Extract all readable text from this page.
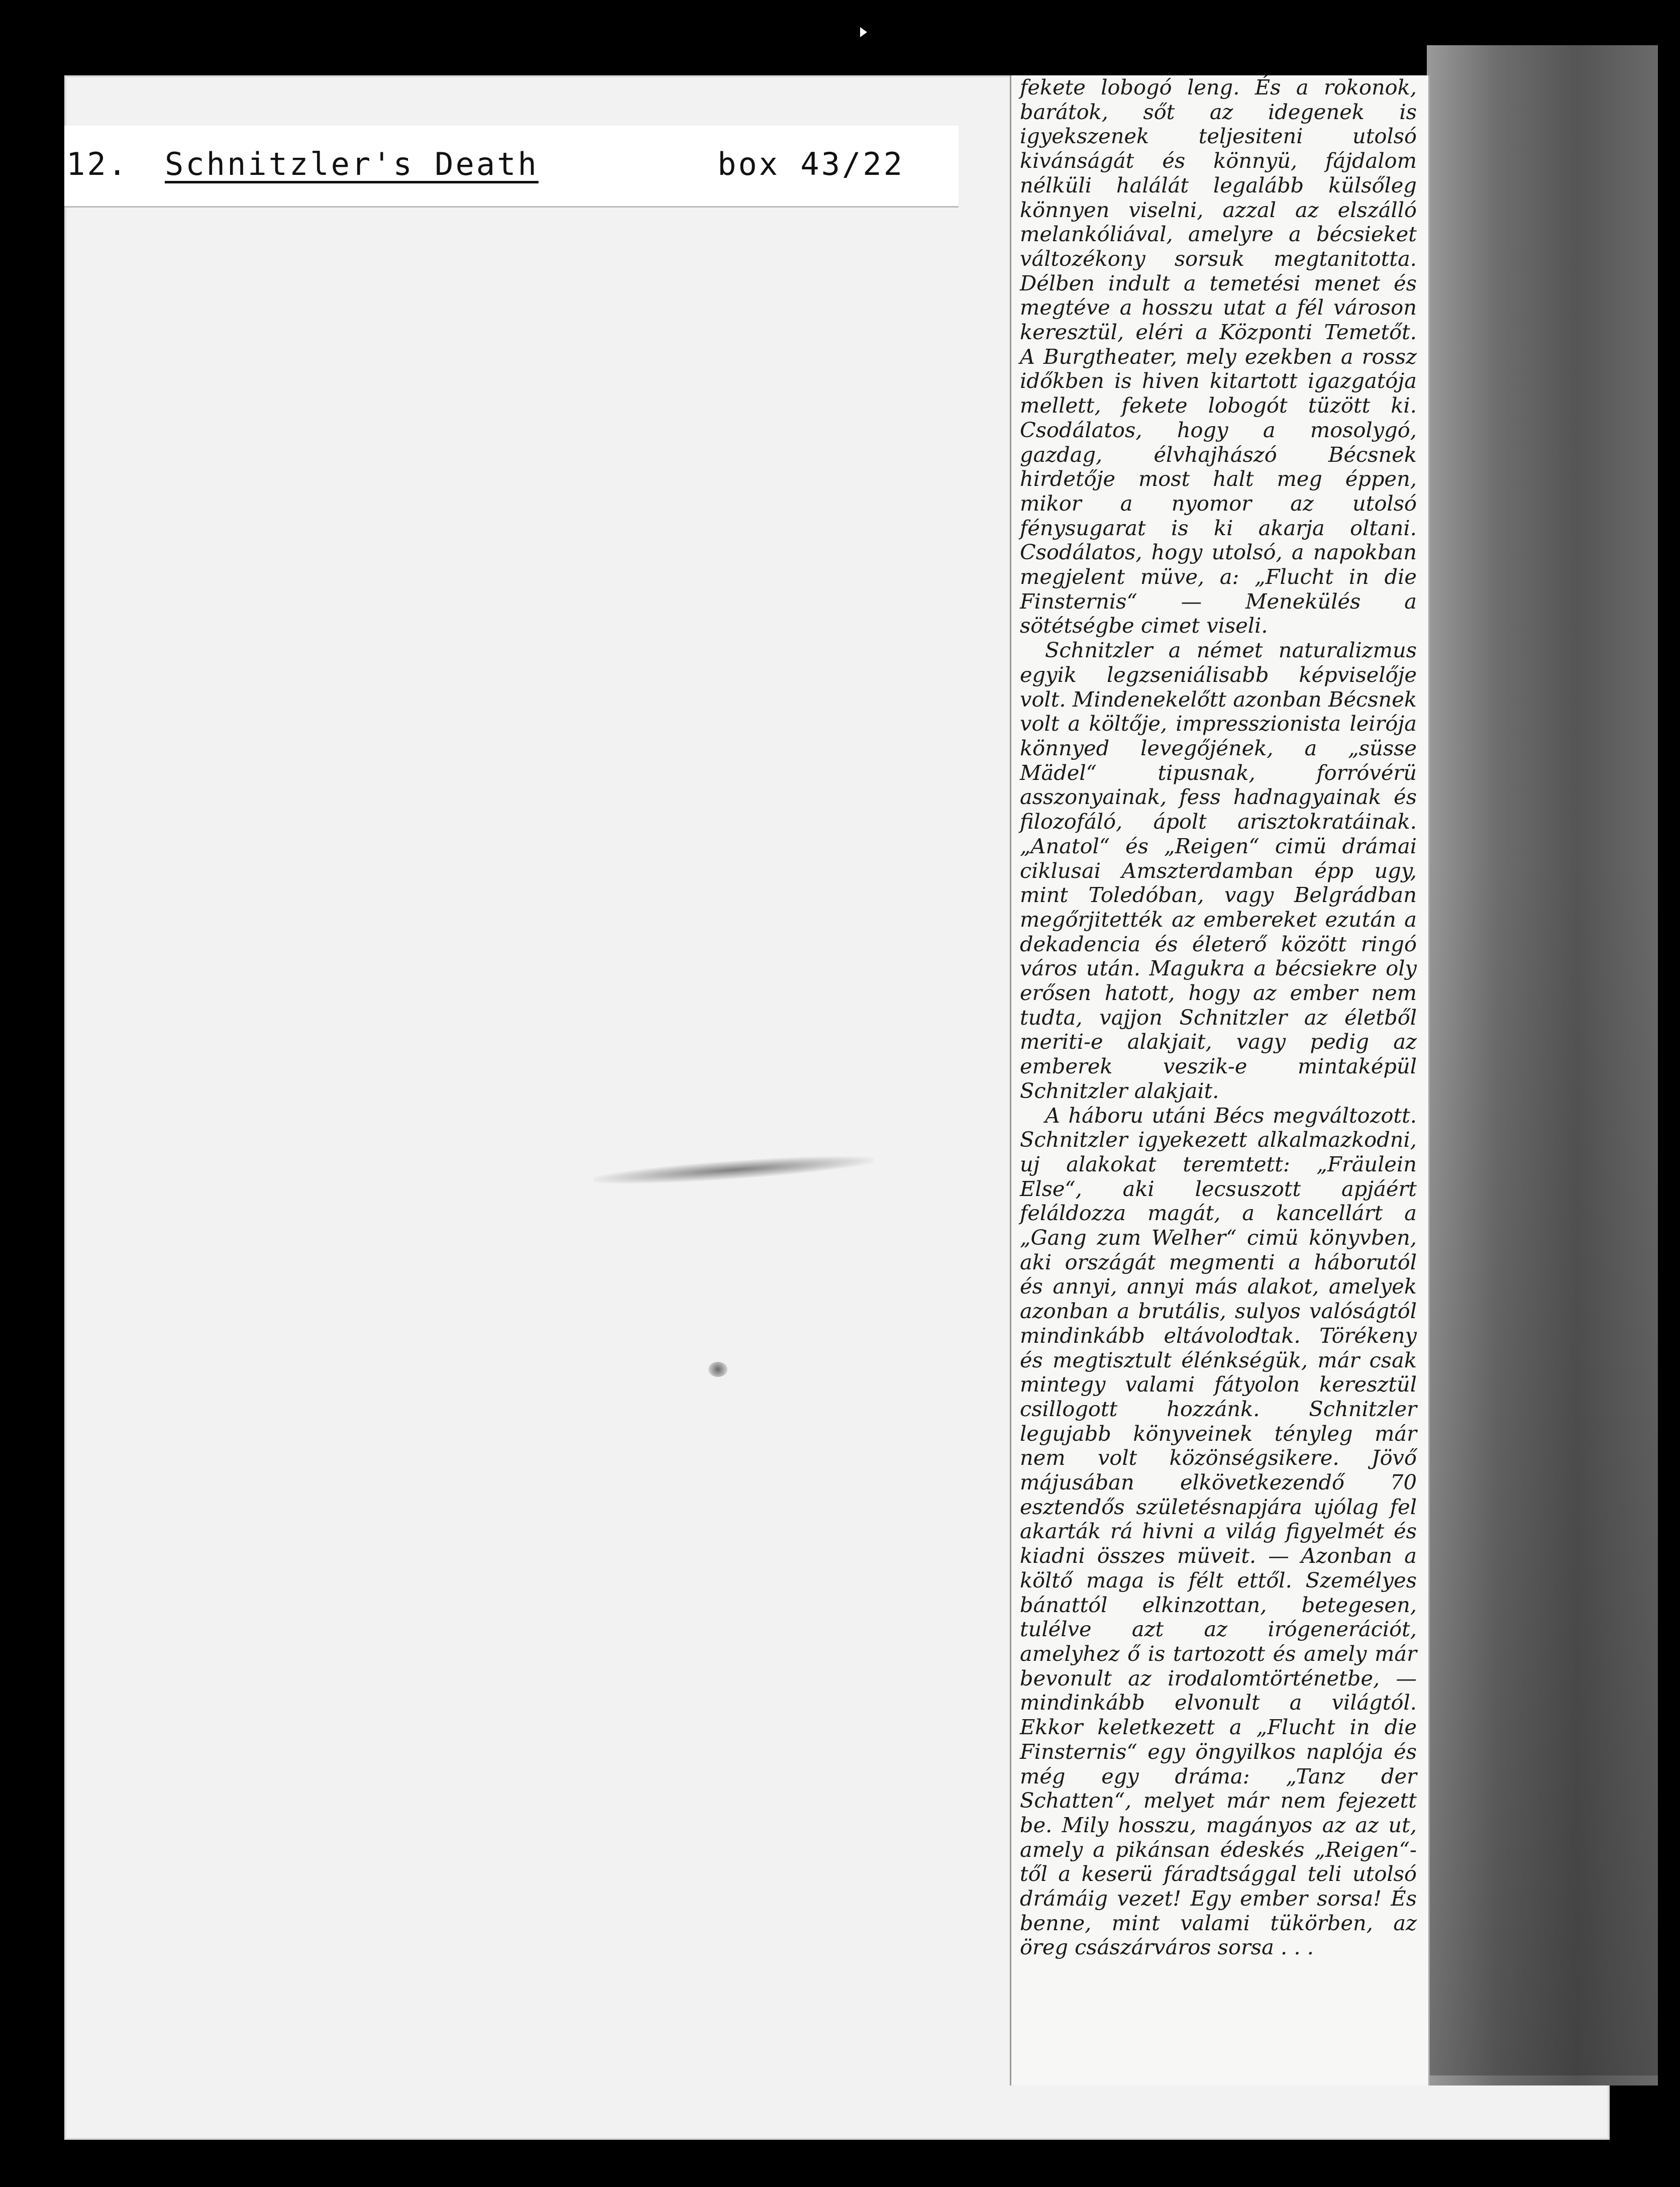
12. Schnitzler's Death	box 43/22

fekete lobogó leng. És a rokonok, barátok, sőt az idegenek is igyekszenek teljesiteni utolsó kivánságát és könnyü, fájdalom nélküli halálát legalább külsőleg könnyen viselni, azzal az elszálló melankóliával, amelyre a bécsieket változékony sorsuk megtanitotta. Délben indult a temetési menet és megtéve a hosszu utat a fél városon keresztül, eléri a Központi Temetőt. A Burgtheater, mely ezekben a rossz időkben is hiven kitartott igazgatója mellett, fekete lobogót tüzött ki. Csodálatos, hogy a mosolygó, gazdag, élvhajhászó Bécsnek hirdetője most halt meg éppen, mikor a nyomor az utolsó fénysugarat is ki akarja oltani. Csodálatos, hogy utolsó, a napokban megjelent müve, a: „Flucht in die Finsternis“ — Menekülés a sötétségbe cimet viseli.

Schnitzler a német naturalizmus egyik legzseniálisabb képviselője volt. Mindenekelőtt azonban Bécsnek volt a költője, impresszionista leirója könnyed levegőjének, a „süsse Mädel“ tipusnak, forróvérü asszonyainak, fess hadnagyainak és filozofáló, ápolt arisztokratáinak. „Anatol“ és „Reigen“ cimü drámai ciklusai Amszterdamban épp ugy, mint Toledóban, vagy Belgrádban megőrjitették az embereket ezután a dekadencia és életerő között ringó város után. Magukra a bécsiekre oly erősen hatott, hogy az ember nem tudta, vajjon Schnitzler az életből meriti-e alakjait, vagy pedig az emberek veszik-e mintaképül Schnitzler alakjait.

A háboru utáni Bécs megváltozott. Schnitzler igyekezett alkalmazkodni, uj alakokat teremtett: „Fräulein Else“, aki lecsuszott apjáért feláldozza magát, a kancellárt a „Gang zum Welher“ cimü könyvben, aki országát megmenti a háborutól és annyi, annyi más alakot, amelyek azonban a brutális, sulyos valóságtól mindinkább eltávolodtak. Törékeny és megtisztult élénkségük, már csak mintegy valami fátyolon keresztül csillogott hozzánk. Schnitzler legujabb könyveinek tényleg már nem volt közönségsikere. Jövő májusában elkövetkezendő 70 esztendős születésnapjára ujólag fel akarták rá hivni a világ figyelmét és kiadni összes müveit. — Azonban a költő maga is félt ettől. Személyes bánattól elkinzottan, betegesen, tulélve azt az irógenerációt, amelyhez ő is tartozott és amely már bevonult az irodalomtörténetbe, — mindinkább elvonult a világtól. Ekkor keletkezett a „Flucht in die Finsternis“ egy öngyilkos naplója és még egy dráma: „Tanz der Schatten“, melyet már nem fejezett be. Mily hosszu, magányos az az ut, amely a pikánsan édeskés „Reigen“-től a keserü fáradtsággal teli utolsó drámáig vezet! Egy ember sorsa! És benne, mint valami tükörben, az öreg császárváros sorsa . . .
